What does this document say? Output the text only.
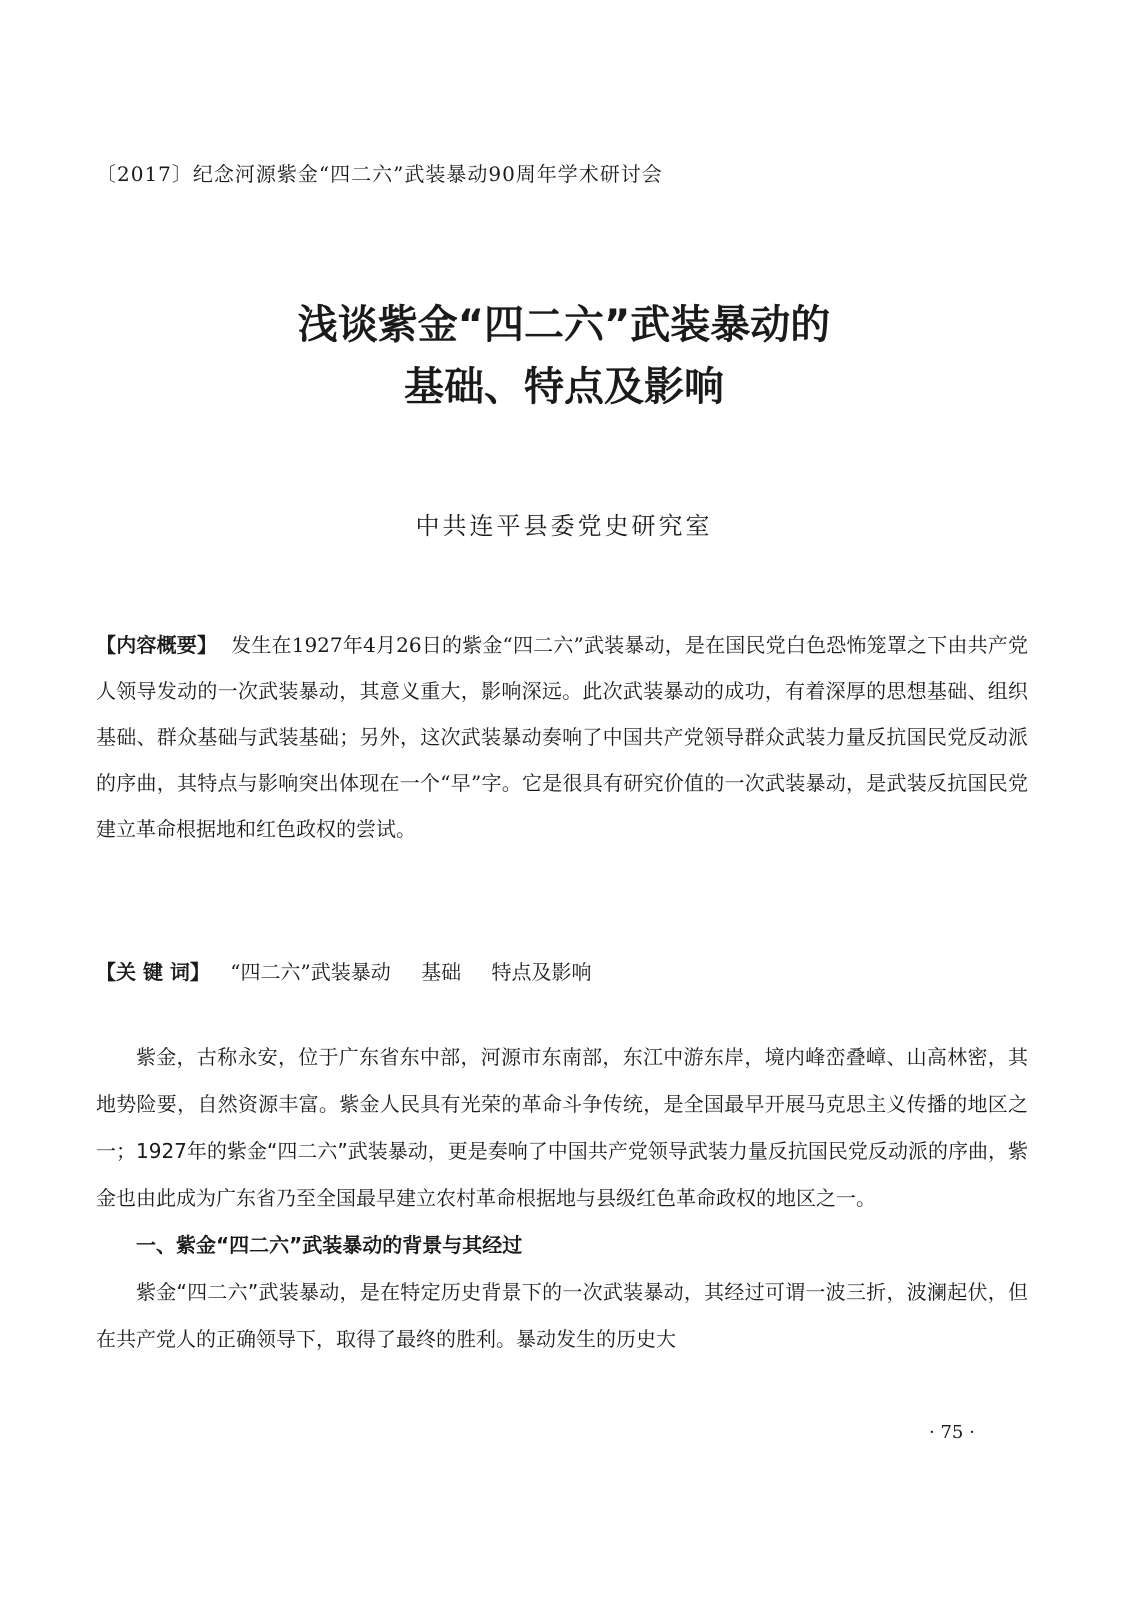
〔2017〕纪念河源紫金“四二六”武装暴动90周年学术研讨会
浅谈紫金“四二六”武装暴动的
基础、特点及影响
中共连平县委党史研究室
【内容概要】 发生在1927年4月26日的紫金“四二六”武装暴动，是在国民党白色恐怖笼罩之下由共产党人领导发动的一次武装暴动，其意义重大，影响深远。此次武装暴动的成功，有着深厚的思想基础、组织基础、群众基础与武装基础；另外，这次武装暴动奏响了中国共产党领导群众武装力量反抗国民党反动派的序曲，其特点与影响突出体现在一个“早”字。它是很具有研究价值的一次武装暴动，是武装反抗国民党建立革命根据地和红色政权的尝试。
【关 键 词】 “四二六”武装暴动 基础 特点及影响

紫金，古称永安，位于广东省东中部，河源市东南部，东江中游东岸，境内峰峦叠嶂、山高林密，其地势险要，自然资源丰富。紫金人民具有光荣的革命斗争传统，是全国最早开展马克思主义传播的地区之一；1927年的紫金“四二六”武装暴动，更是奏响了中国共产党领导武装力量反抗国民党反动派的序曲，紫金也由此成为广东省乃至全国最早建立农村革命根据地与县级红色革命政权的地区之一。

一、紫金“四二六”武装暴动的背景与其经过

紫金“四二六”武装暴动，是在特定历史背景下的一次武装暴动，其经过可谓一波三折，波澜起伏，但在共产党人的正确领导下，取得了最终的胜利。暴动发生的历史大

· 75 ·
